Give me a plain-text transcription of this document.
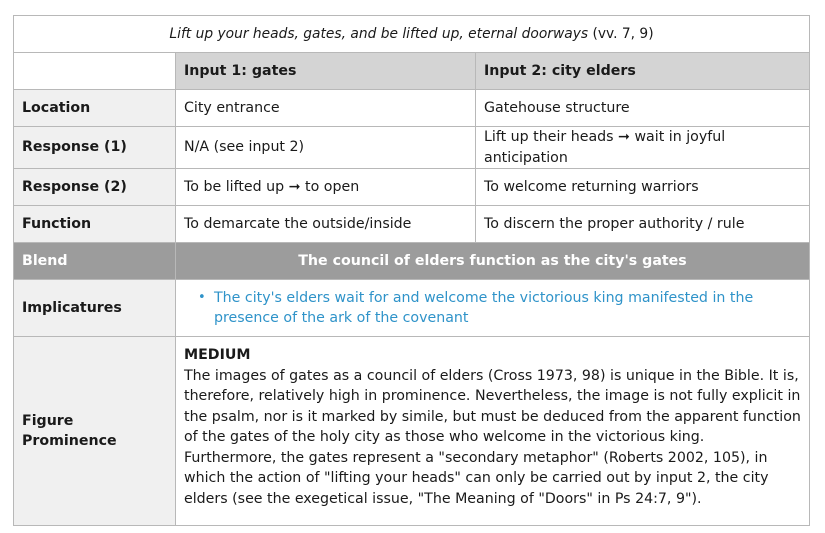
Lift up your heads, gates, and be lifted up, eternal doorways (vv. 7, 9)		
	Input 1: gates	Input 2: city elders
Location	City entrance	Gatehouse structure
Response (1)	N/A (see input 2)	Lift up their heads ➞ wait in joyful anticipation
Response (2)	To be lifted up ➞ to open	To welcome returning warriors
Function	To demarcate the outside/inside	To discern the proper authority / rule
Blend	The council of elders function as the city's gates	
Implicatures	• The city's elders wait for and welcome the victorious king manifested in the presence of the ark of the covenant	

Figure Prominence	MEDIUM
The images of gates as a council of elders (Cross 1973, 98) is unique in the Bible. It is, therefore, relatively high in prominence. Nevertheless, the image is not fully explicit in the psalm, nor is it marked by simile, but must be deduced from the apparent function of the gates of the holy city as those who welcome in the victorious king. Furthermore, the gates represent a "secondary metaphor" (Roberts 2002, 105), in which the action of "lifting your heads" can only be carried out by input 2, the city elders (see the exegetical issue, "The Meaning of "Doors" in Ps 24:7, 9").	
